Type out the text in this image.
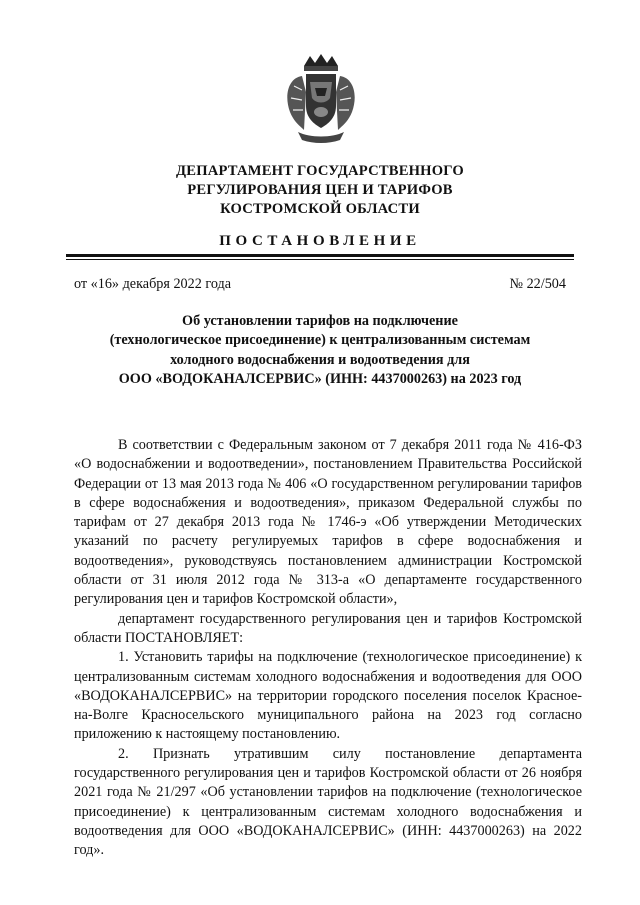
ДЕПАРТАМЕНТ ГОСУДАРСТВЕННОГО
РЕГУЛИРОВАНИЯ ЦЕН И ТАРИФОВ
КОСТРОМСКОЙ ОБЛАСТИ
ПОСТАНОВЛЕНИЕ
от «16» декабря 2022 года	№ 22/504
Об установлении тарифов на подключение
(технологическое присоединение) к централизованным системам
холодного водоснабжения и водоотведения для
ООО «ВОДОКАНАЛСЕРВИС» (ИНН: 4437000263) на 2023 год

В соответствии с Федеральным законом от 7 декабря 2011 года № 416-ФЗ «О водоснабжении и водоотведении», постановлением Правительства Российской Федерации от 13 мая 2013 года № 406 «О государственном регулировании тарифов в сфере водоснабжения и водоотведения», приказом Федеральной службы по тарифам от 27 декабря 2013 года № 1746-э «Об утверждении Методических указаний по расчету регулируемых тарифов в сфере водоснабжения и водоотведения», руководствуясь постановлением администрации Костромской области от 31 июля 2012 года № 313-а «О департаменте государственного регулирования цен и тарифов Костромской области»,

департамент государственного регулирования цен и тарифов Костромской области ПОСТАНОВЛЯЕТ:

1. Установить тарифы на подключение (технологическое присоединение) к централизованным системам холодного водоснабжения и водоотведения для ООО «ВОДОКАНАЛСЕРВИС» на территории городского поселения поселок Красное-на-Волге Красносельского муниципального района на 2023 год согласно приложению к настоящему постановлению.

2. Признать утратившим силу постановление департамента государственного регулирования цен и тарифов Костромской области от 26 ноября 2021 года № 21/297 «Об установлении тарифов на подключение (технологическое присоединение) к централизованным системам холодного водоснабжения и водоотведения для ООО «ВОДОКАНАЛСЕРВИС» (ИНН: 4437000263) на 2022 год».
